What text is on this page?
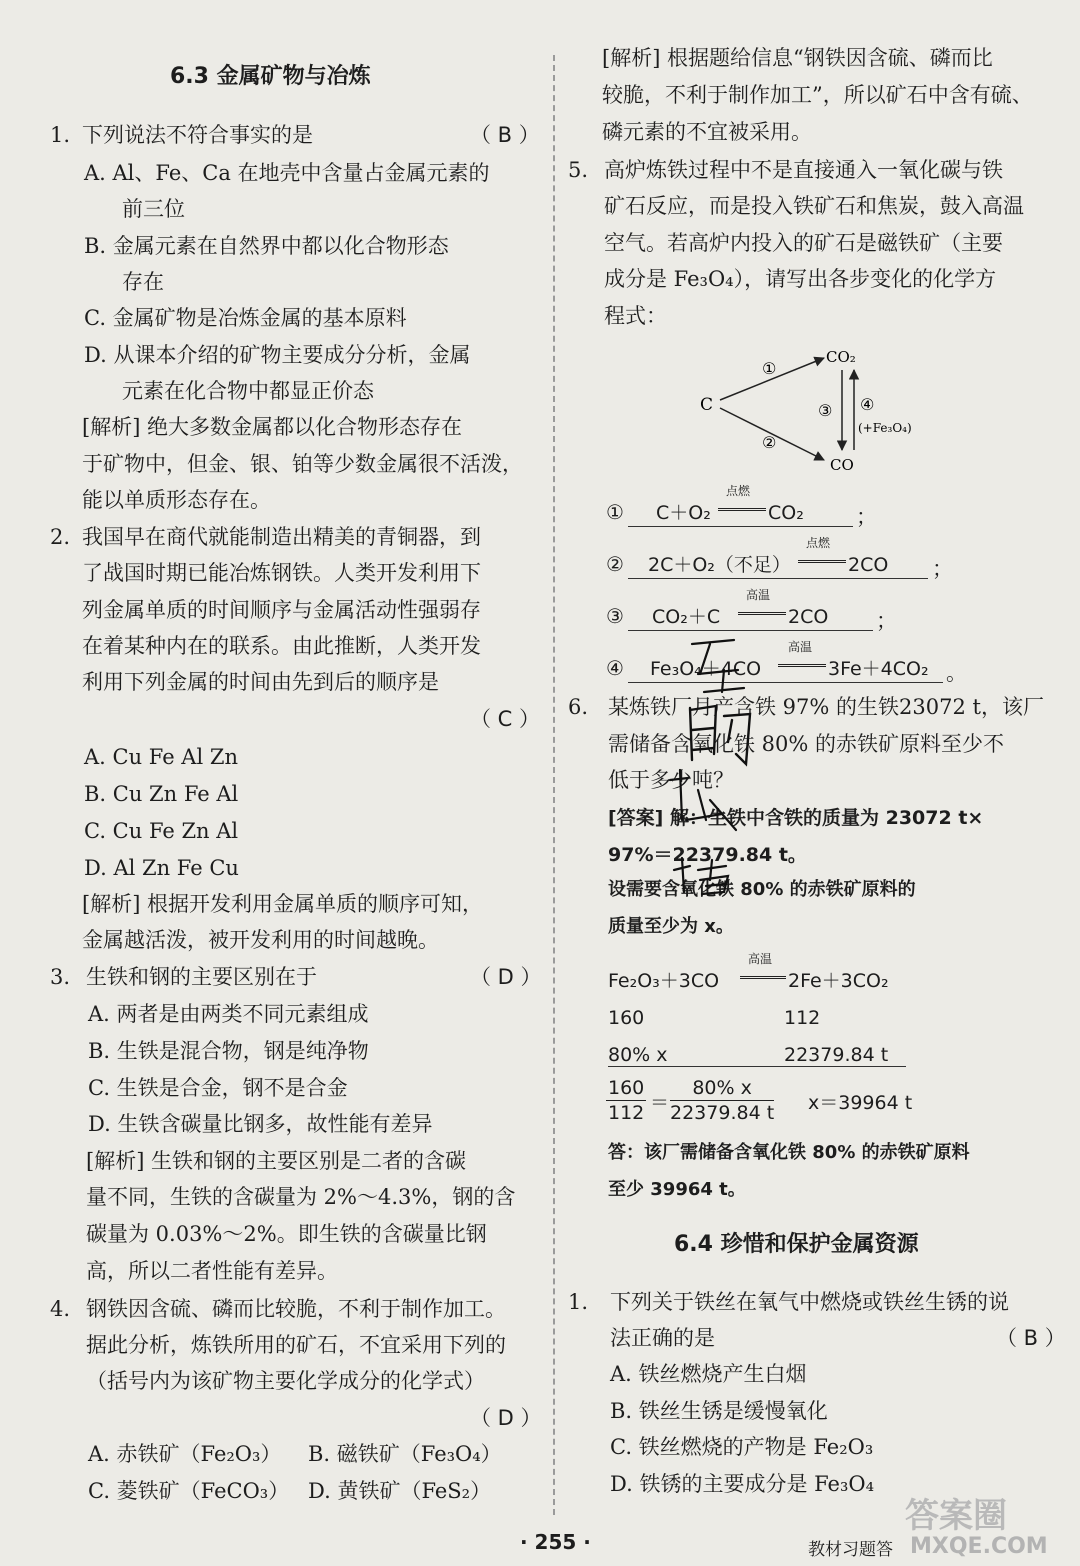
6.3 金属矿物与冶炼
1. 下列说法不符合事实的是	（ B ）
A. Al、Fe、Ca 在地壳中含量占金属元素的
前三位
B. 金属元素在自然界中都以化合物形态
存在
C. 金属矿物是冶炼金属的基本原料
D. 从课本介绍的矿物主要成分分析，金属
元素在化合物中都显正价态
[解析] 绝大多数金属都以化合物形态存在
于矿物中，但金、银、铂等少数金属很不活泼，
能以单质形态存在。
2. 我国早在商代就能制造出精美的青铜器，到
了战国时期已能冶炼钢铁。人类开发利用下
列金属单质的时间顺序与金属活动性强弱存
在着某种内在的联系。由此推断，人类开发
利用下列金属的时间由先到后的顺序是
（ C ）
A. Cu Fe Al Zn
B. Cu Zn Fe Al
C. Cu Fe Zn Al
D. Al Zn Fe Cu
[解析] 根据开发利用金属单质的顺序可知，
金属越活泼，被开发利用的时间越晚。
3. 生铁和钢的主要区别在于	（ D ）
A. 两者是由两类不同元素组成
B. 生铁是混合物，钢是纯净物
C. 生铁是合金，钢不是合金
D. 生铁含碳量比钢多，故性能有差异
[解析] 生铁和钢的主要区别是二者的含碳
量不同，生铁的含碳量为 2%～4.3%，钢的含
碳量为 0.03%～2%。即生铁的含碳量比钢
高，所以二者性能有差异。
4. 钢铁因含硫、磷而比较脆，不利于制作加工。
据此分析，炼铁所用的矿石，不宜采用下列的
（括号内为该矿物主要化学成分的化学式）
（ D ）
A. 赤铁矿（Fe₂O₃） B. 磁铁矿（Fe₃O₄）
C. 菱铁矿（FeCO₃） D. 黄铁矿（FeS₂）
[解析] 根据题给信息“钢铁因含硫、磷而比
较脆，不利于制作加工”，所以矿石中含有硫、
磷元素的不宜被采用。
5. 高炉炼铁过程中不是直接通入一氧化碳与铁
矿石反应，而是投入铁矿石和焦炭，鼓入高温
空气。若高炉内投入的矿石是磁铁矿（主要
成分是 Fe₃O₄），请写出各步变化的化学方
程式：
C
CO₂
CO
①
②
③ ④
(+Fe₃O₄)
① C＋O₂
点燃
CO₂ ；
② 2C＋O₂（不足）
点燃
2CO ；
③ CO₂＋C
高温
2CO ；
④ Fe₃O₄＋4CO
高温
3Fe＋4CO₂ 。
6. 某炼铁厂月产含铁 97% 的生铁23072 t，该厂
需储备含氧化铁 80% 的赤铁矿原料至少不
低于多少吨？
[答案] 解：生铁中含铁的质量为 23072 t×
97%＝22379.84 t。
设需要含氧化铁 80% 的赤铁矿原料的
质量至少为 x。
Fe₂O₃＋3CO
高温
2Fe＋3CO₂
160	112
80% x	22379.84 t
$\frac{160}{112} = \frac{80\% x}{22379.84 t} x=39964$ t
答：该厂需储备含氧化铁 80% 的赤铁矿原料
至少 39964 t。
6.4 珍惜和保护金属资源
1. 下列关于铁丝在氧气中燃烧或铁丝生锈的说
法正确的是	（ B ）
A. 铁丝燃烧产生白烟
B. 铁丝生锈是缓慢氧化
C. 铁丝燃烧的产物是 Fe₂O₃
D. 铁锈的主要成分是 Fe₃O₄
· 255 ·	教材习题答
答案圈
MXQE.COM
